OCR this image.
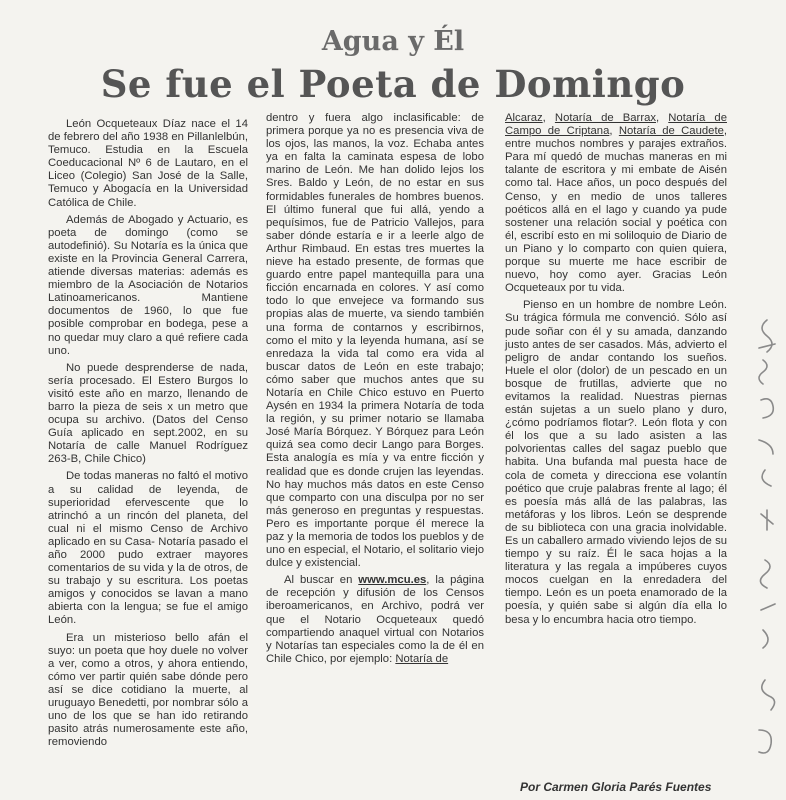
Agua y Él
Se fue el Poeta de Domingo

León Ocqueteaux Díaz nace el 14 de febrero del año 1938 en Pillanlelbún, Temuco. Estudia en la Escuela Coeducacional Nº 6 de Lautaro, en el Liceo (Colegio) San José de la Salle, Temuco y Abogacía en la Universidad Católica de Chile.

Además de Abogado y Actuario, es poeta de domingo (como se autodefinió). Su Notaría es la única que existe en la Provincia General Carrera, atiende diversas materias: además es miembro de la Asociación de Notarios Latinoamericanos. Mantiene documentos de 1960, lo que fue posible comprobar en bodega, pese a no quedar muy claro a qué refiere cada uno.

No puede desprenderse de nada, sería procesado. El Estero Burgos lo visitó este año en marzo, llenando de barro la pieza de seis x un metro que ocupa su archivo. (Datos del Censo Guía aplicado en sept.2002, en su Notaría de calle Manuel Rodríguez 263-B, Chile Chico)

De todas maneras no faltó el motivo a su calidad de leyenda, de superioridad efervescente que lo atrinchó a un rincón del planeta, del cual ni el mismo Censo de Archivo aplicado en su Casa- Notaría pasado el año 2000 pudo extraer mayores comentarios de su vida y la de otros, de su trabajo y su escritura. Los poetas amigos y conocidos se lavan a mano abierta con la lengua; se fue el amigo León.

Era un misterioso bello afán el suyo: un poeta que hoy duele no volver a ver, como a otros, y ahora entiendo, cómo ver partir quién sabe dónde pero así se dice cotidiano la muerte, al uruguayo Benedetti, por nombrar sólo a uno de los que se han ido retirando pasito atrás numerosamente este año, removiendo

dentro y fuera algo inclasificable: de primera porque ya no es presencia viva de los ojos, las manos, la voz. Echaba antes ya en falta la caminata espesa de lobo marino de León. Me han dolido lejos los Sres. Baldo y León, de no estar en sus formidables funerales de hombres buenos. El último funeral que fui allá, yendo a pequísimos, fue de Patricio Vallejos, para saber dónde estaría e ir a leerle algo de Arthur Rimbaud. En estas tres muertes la nieve ha estado presente, de formas que guardo entre papel mantequilla para una ficción encarnada en colores. Y así como todo lo que envejece va formando sus propias alas de muerte, va siendo también una forma de contarnos y escribirnos, como el mito y la leyenda humana, así se enredaza la vida tal como era vida al buscar datos de León en este trabajo; cómo saber que muchos antes que su Notaría en Chile Chico estuvo en Puerto Aysén en 1934 la primera Notaría de toda la región, y su primer notario se llamaba José María Bórquez. Y Bórquez para León quizá sea como decir Lango para Borges. Esta analogía es mía y va entre ficción y realidad que es donde crujen las leyendas. No hay muchos más datos en este Censo que comparto con una disculpa por no ser más generoso en preguntas y respuestas. Pero es importante porque él merece la paz y la memoria de todos los pueblos y de uno en especial, el Notario, el solitario viejo dulce y existencial.

Al buscar en www.mcu.es, la página de recepción y difusión de los Censos iberoamericanos, en Archivo, podrá ver que el Notario Ocqueteaux quedó compartiendo anaquel virtual con Notarios y Notarías tan especiales como la de él en Chile Chico, por ejemplo: Notaría de

Alcaraz, Notaría de Barrax, Notaría de Campo de Criptana, Notaría de Caudete, entre muchos nombres y parajes extraños. Para mí quedó de muchas maneras en mi talante de escritora y mi embate de Aisén como tal. Hace años, un poco después del Censo, y en medio de unos talleres poéticos allá en el lago y cuando ya pude sostener una relación social y poética con él, escribí esto en mi soliloquio de Diario de un Piano y lo comparto con quien quiera, porque su muerte me hace escribir de nuevo, hoy como ayer. Gracias León Ocqueteaux por tu vida.

Pienso en un hombre de nombre León. Su trágica fórmula me convenció. Sólo así pude soñar con él y su amada, danzando justo antes de ser casados. Más, advierto el peligro de andar contando los sueños. Huele el olor (dolor) de un pescado en un bosque de frutillas, advierte que no evitamos la realidad. Nuestras piernas están sujetas a un suelo plano y duro, ¿cómo podríamos flotar?. León flota y con él los que a su lado asisten a las polvorientas calles del sagaz pueblo que habita. Una bufanda mal puesta hace de cola de cometa y direcciona ese volantín poético que cruje palabras frente al lago; él es poesía más allá de las palabras, las metáforas y los libros. León se desprende de su biblioteca con una gracia inolvidable. Es un caballero armado viviendo lejos de su tiempo y su raíz. Él le saca hojas a la literatura y las regala a impúberes cuyos mocos cuelgan en la enredadera del tiempo. León es un poeta enamorado de la poesía, y quién sabe si algún día ella lo besa y lo encumbra hacia otro tiempo.

Por Carmen Gloria Parés Fuentes
